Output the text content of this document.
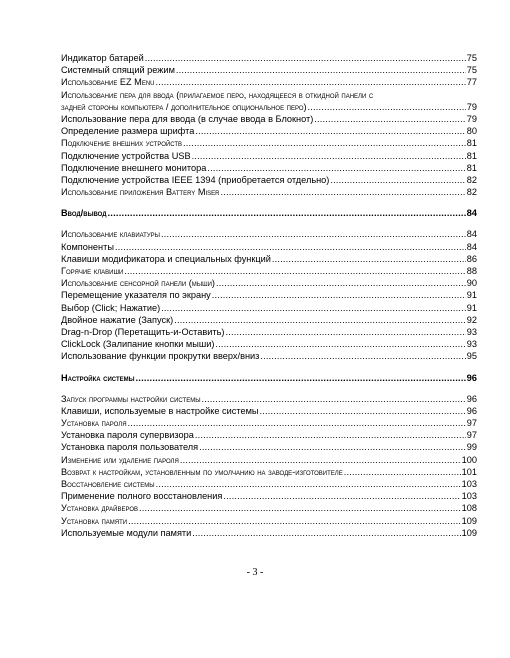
Индикатор батарей .....	75
Системный спящий режим .....	75
Использование EZ Menu .....	77
Использование пера для ввода (прилагаемое перо, находящееся в откидной панели с
задней стороны компьютера / дополнительное опциональное перо) .....	79
Использование пера для ввода (в случае ввода в Блокнот) .....	79
Определение размера шрифта .....	80
Подключение внешних устройств .....	81
Подключение устройства USB .....	81
Подключение внешнего монитора .....	81
Подключение устройства IEEE 1394 (приобретается отдельно) .....	82
Использование приложения Battery Miser .....	82
Ввод/вывод .....	84
Использование клавиатуры .....	84
Компоненты .....	84
Клавиши модификатора и специальных функций .....	86
Горячие клавиши .....	88
Использование сенсорной панели (мыши) .....	90
Перемещение указателя по экрану .....	91
Выбор (Click; Нажатие) .....	91
Двойное нажатие (Запуск) .....	92
Drag-n-Drop (Перетащить-и-Оставить) .....	93
ClickLock (Залипание кнопки мыши) .....	93
Использование функции прокрутки вверх/вниз .....	95
Настройка системы .....	96
Запуск программы настройки системы .....	96
Клавиши, используемые в настройке системы .....	96
Установка пароля .....	97
Установка пароля супервизора .....	97
Установка пароля пользователя .....	99
Изменение или удаление пароля .....	100
Возврат к настройкам, установленным по умолчанию на заводе-изготовителе .....	101
Восстановление системы .....	103
Применение полного восстановления .....	103
Установка драйверов .....	108
Установка памяти .....	109
Используемые модули памяти .....	109
- 3 -
